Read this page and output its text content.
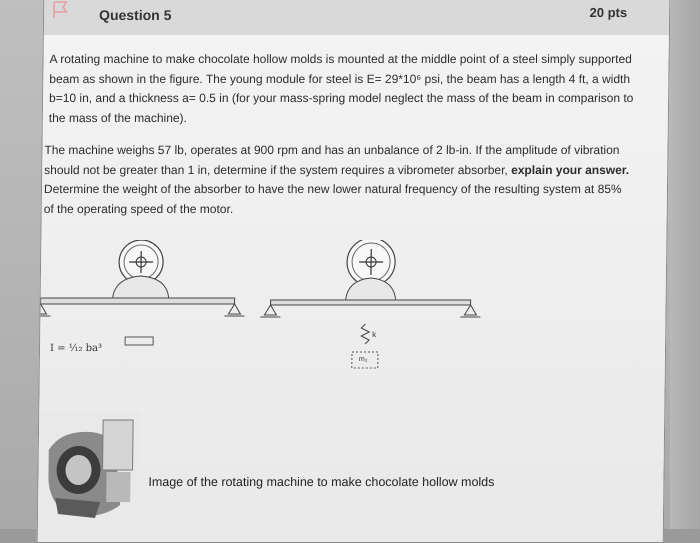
Question 5	20 pts
A rotating machine to make chocolate hollow molds is mounted at the middle point of a steel simply supported beam as shown in the figure. The young module for steel is E= 29*10⁶ psi, the beam has a length 4 ft, a width b=10 in, and a thickness a= 0.5 in (for your mass-spring model neglect the mass of the beam in comparison to the mass of the machine).
The machine weighs 57 lb, operates at 900 rpm and has an unbalance of 2 lb-in. If the amplitude of vibration should not be greater than 1 in, determine if the system requires a vibrometer absorber, explain your answer. Determine the weight of the absorber to have the new lower natural frequency of the resulting system at 85% of the operating speed of the motor.
I = ¹⁄₁₂ ba³
k
m₂
Image of the rotating machine to make chocolate hollow molds
